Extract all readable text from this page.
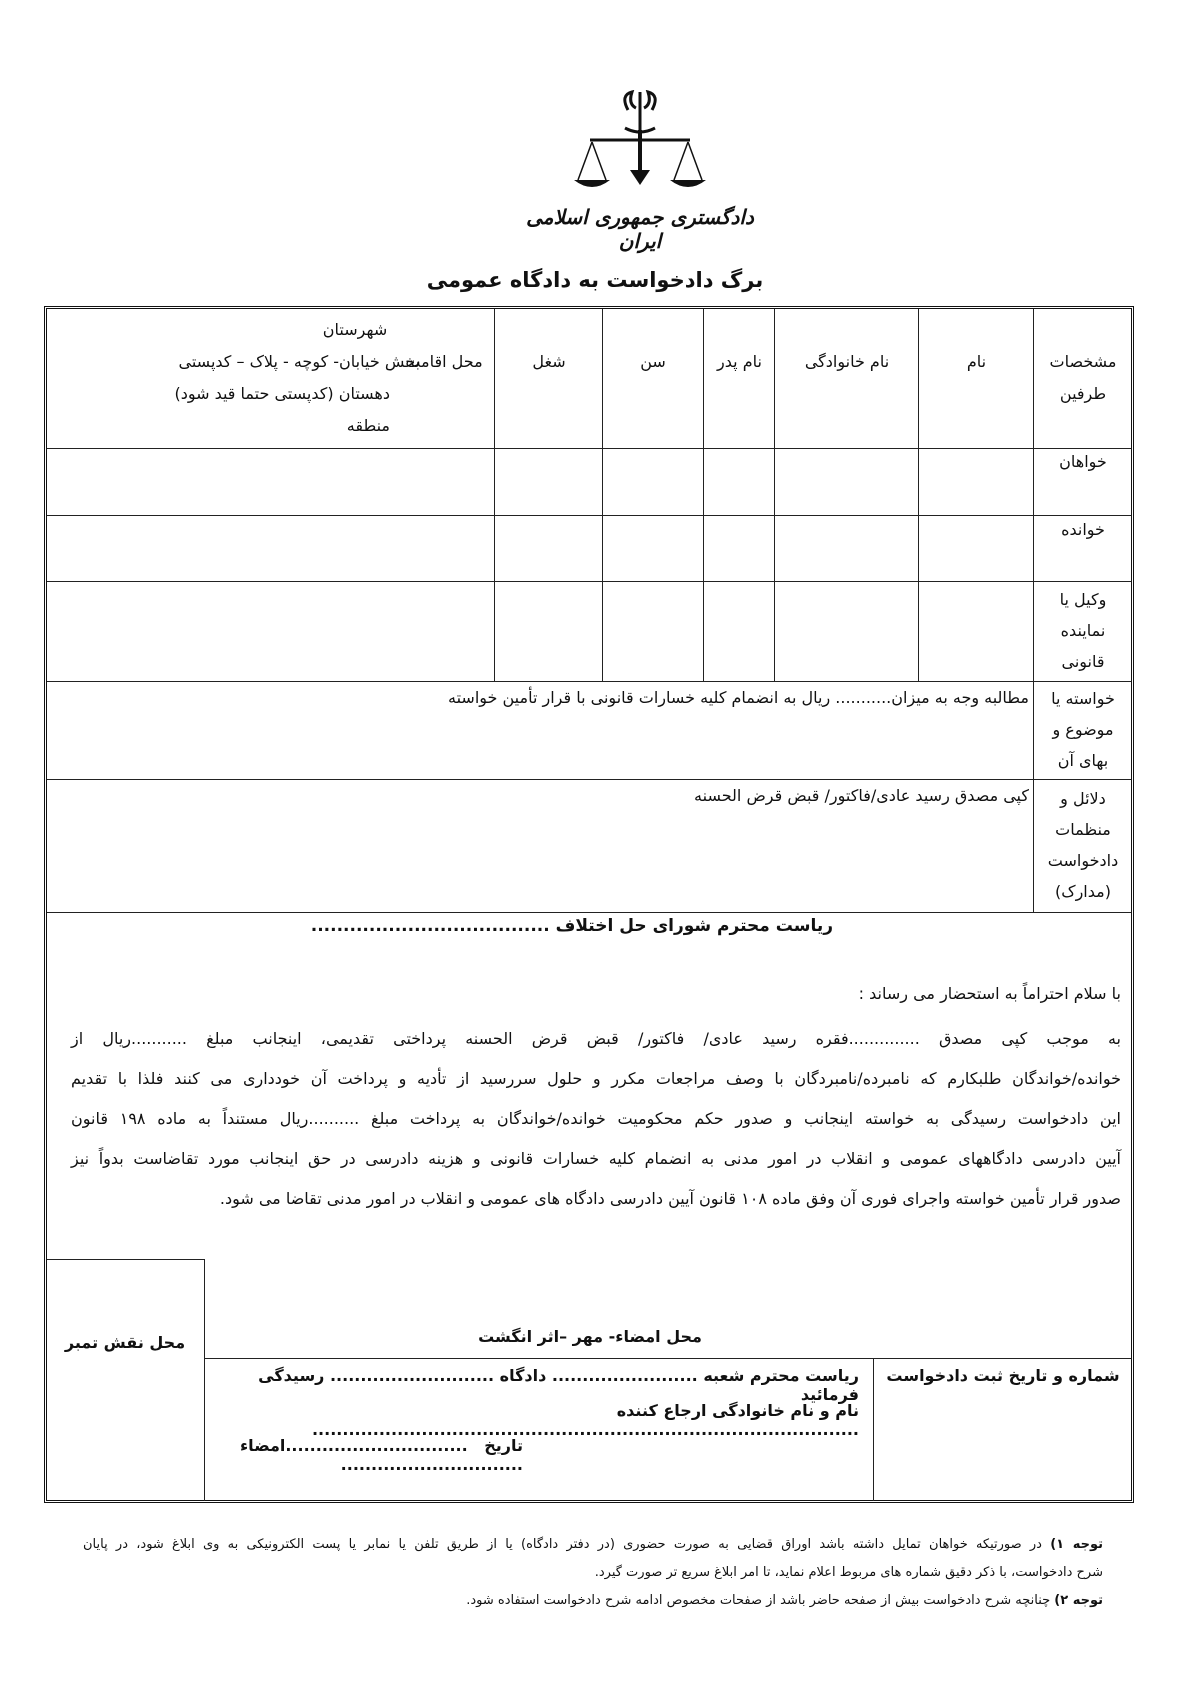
دادگستری جمهوری اسلامی ایران
برگ دادخواست به دادگاه عمومی
مشخصات طرفین
نام
نام خانوادگی
نام پدر
سن
شغل
محل اقامت
شهرستان
بخش خیابان- کوچه - پلاک – کدپستی
دهستان (کدپستی حتما قید شود)
منطقه
خواهان
خوانده
وکیل یا نماینده قانونی
خواسته یا موضوع و بهای آن
دلائل و منظمات دادخواست (مدارک)
مطالبه وجه به میزان........... ریال به انضمام کلیه خسارات قانونی با قرار تأمین خواسته
کپی مصدق رسید عادی/فاکتور/ قبض قرض الحسنه
ریاست محترم شورای حل اختلاف .....................................
با سلام احتراماً به استحضار می رساند :
به موجب کپی مصدق ..............فقره رسید عادی/ فاکتور/ قبض قرض الحسنه پرداختی تقدیمی، اینجانب مبلغ ...........ریال از
خوانده/خواندگان طلبکارم که نامبرده/نامبردگان با وصف مراجعات مکرر و حلول سررسید از تأدیه و پرداخت آن خودداری می کنند فلذا با تقدیم
این دادخواست رسیدگی به خواسته اینجانب و صدور حکم محکومیت خوانده/خواندگان به پرداخت مبلغ ..........ریال مستنداً به ماده ۱۹۸ قانون
آیین دادرسی دادگاههای عمومی و انقلاب در امور مدنی به انضمام کلیه خسارات قانونی و هزینه دادرسی در حق اینجانب مورد تقاضاست بدواً نیز
صدور قرار تأمین خواسته واجرای فوری آن وفق ماده ۱۰۸ قانون آیین دادرسی دادگاه های عمومی و انقلاب در امور مدنی تقاضا می شود.
محل نقش تمبر	محل امضاء- مهر –اثر انگشت
شماره و تاریخ ثبت دادخواست
ریاست محترم شعبه ........................ دادگاه ........................... رسیدگی فرمائید
نام و نام خانوادگی ارجاع کننده ..........................................................................................
تاریخ ..............................
..............................امضاء
توجه ۱) در صورتیکه خواهان تمایل داشته باشد اوراق قضایی به صورت حضوری (در دفتر دادگاه) یا از طریق تلفن یا نمابر یا پست الکترونیکی به وی ابلاغ شود، در پایان
شرح دادخواست، با ذکر دقیق شماره های مربوط اعلام نماید، تا امر ابلاغ سریع تر صورت گیرد.
توجه ۲) چنانچه شرح دادخواست بیش از صفحه حاضر باشد از صفحات مخصوص ادامه شرح دادخواست استفاده شود.
